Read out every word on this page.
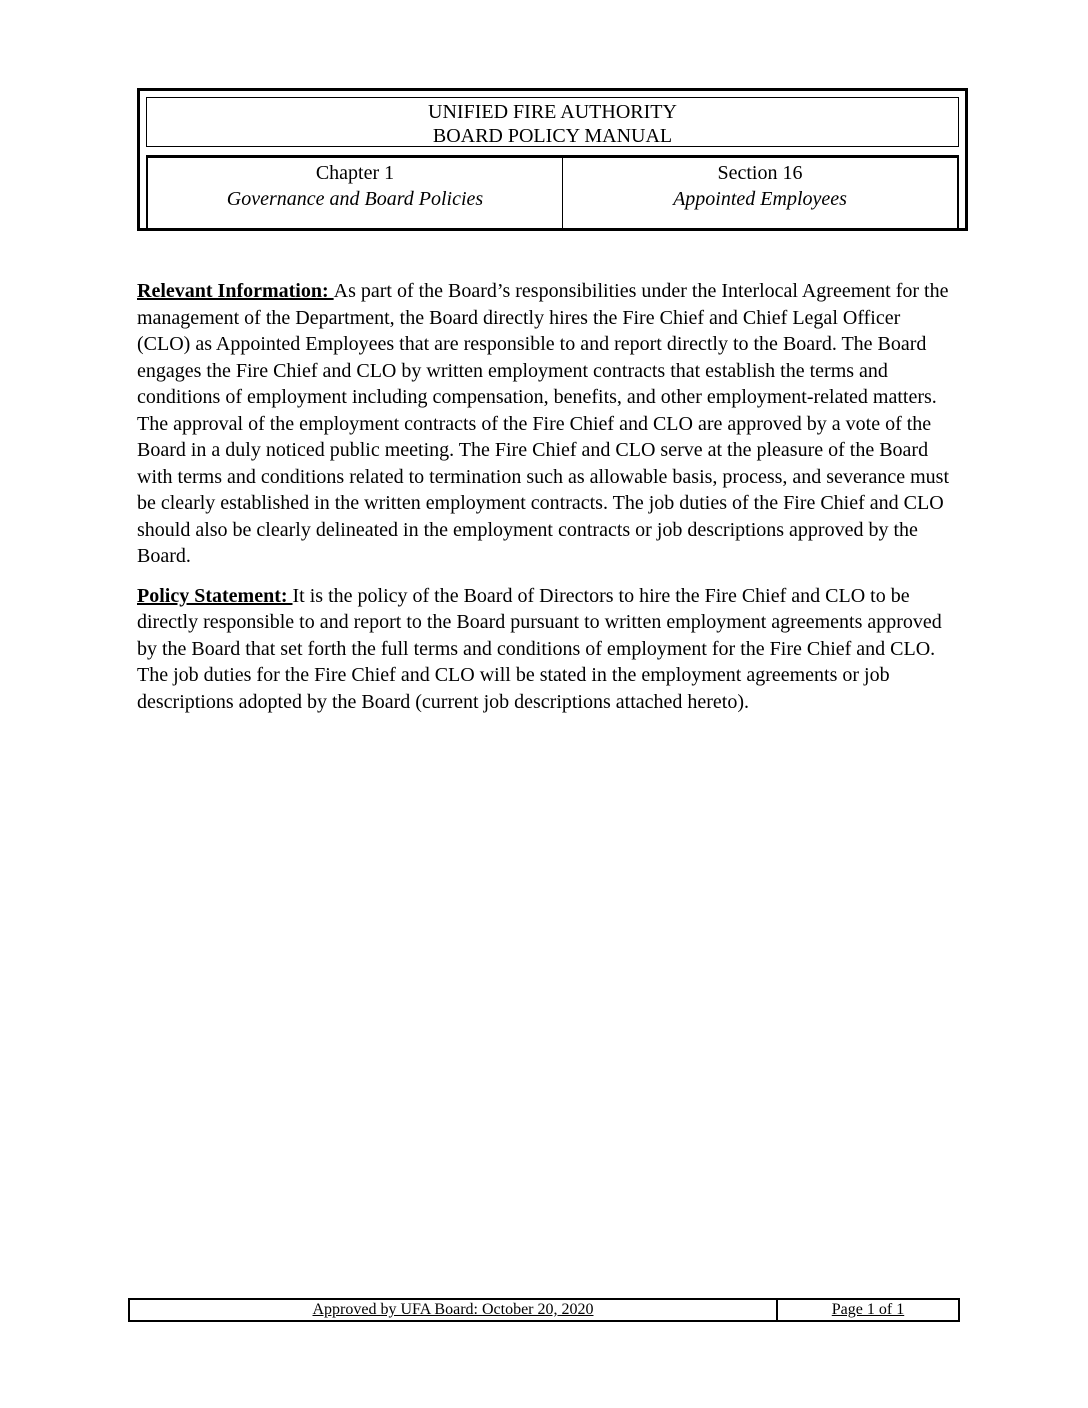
UNIFIED FIRE AUTHORITY
BOARD POLICY MANUAL
Chapter 1
Governance and Board Policies
Section 16
Appointed Employees

Relevant Information: As part of the Board’s responsibilities under the Interlocal Agreement for the management of the Department, the Board directly hires the Fire Chief and Chief Legal Officer (CLO) as Appointed Employees that are responsible to and report directly to the Board. The Board engages the Fire Chief and CLO by written employment contracts that establish the terms and conditions of employment including compensation, benefits, and other employment-related matters. The approval of the employment contracts of the Fire Chief and CLO are approved by a vote of the Board in a duly noticed public meeting. The Fire Chief and CLO serve at the pleasure of the Board with terms and conditions related to termination such as allowable basis, process, and severance must be clearly established in the written employment contracts. The job duties of the Fire Chief and CLO should also be clearly delineated in the employment contracts or job descriptions approved by the Board.

Policy Statement: It is the policy of the Board of Directors to hire the Fire Chief and CLO to be directly responsible to and report to the Board pursuant to written employment agreements approved by the Board that set forth the full terms and conditions of employment for the Fire Chief and CLO. The job duties for the Fire Chief and CLO will be stated in the employment agreements or job descriptions adopted by the Board (current job descriptions attached hereto).

Approved by UFA Board: October 20, 2020	Page 1 of 1
